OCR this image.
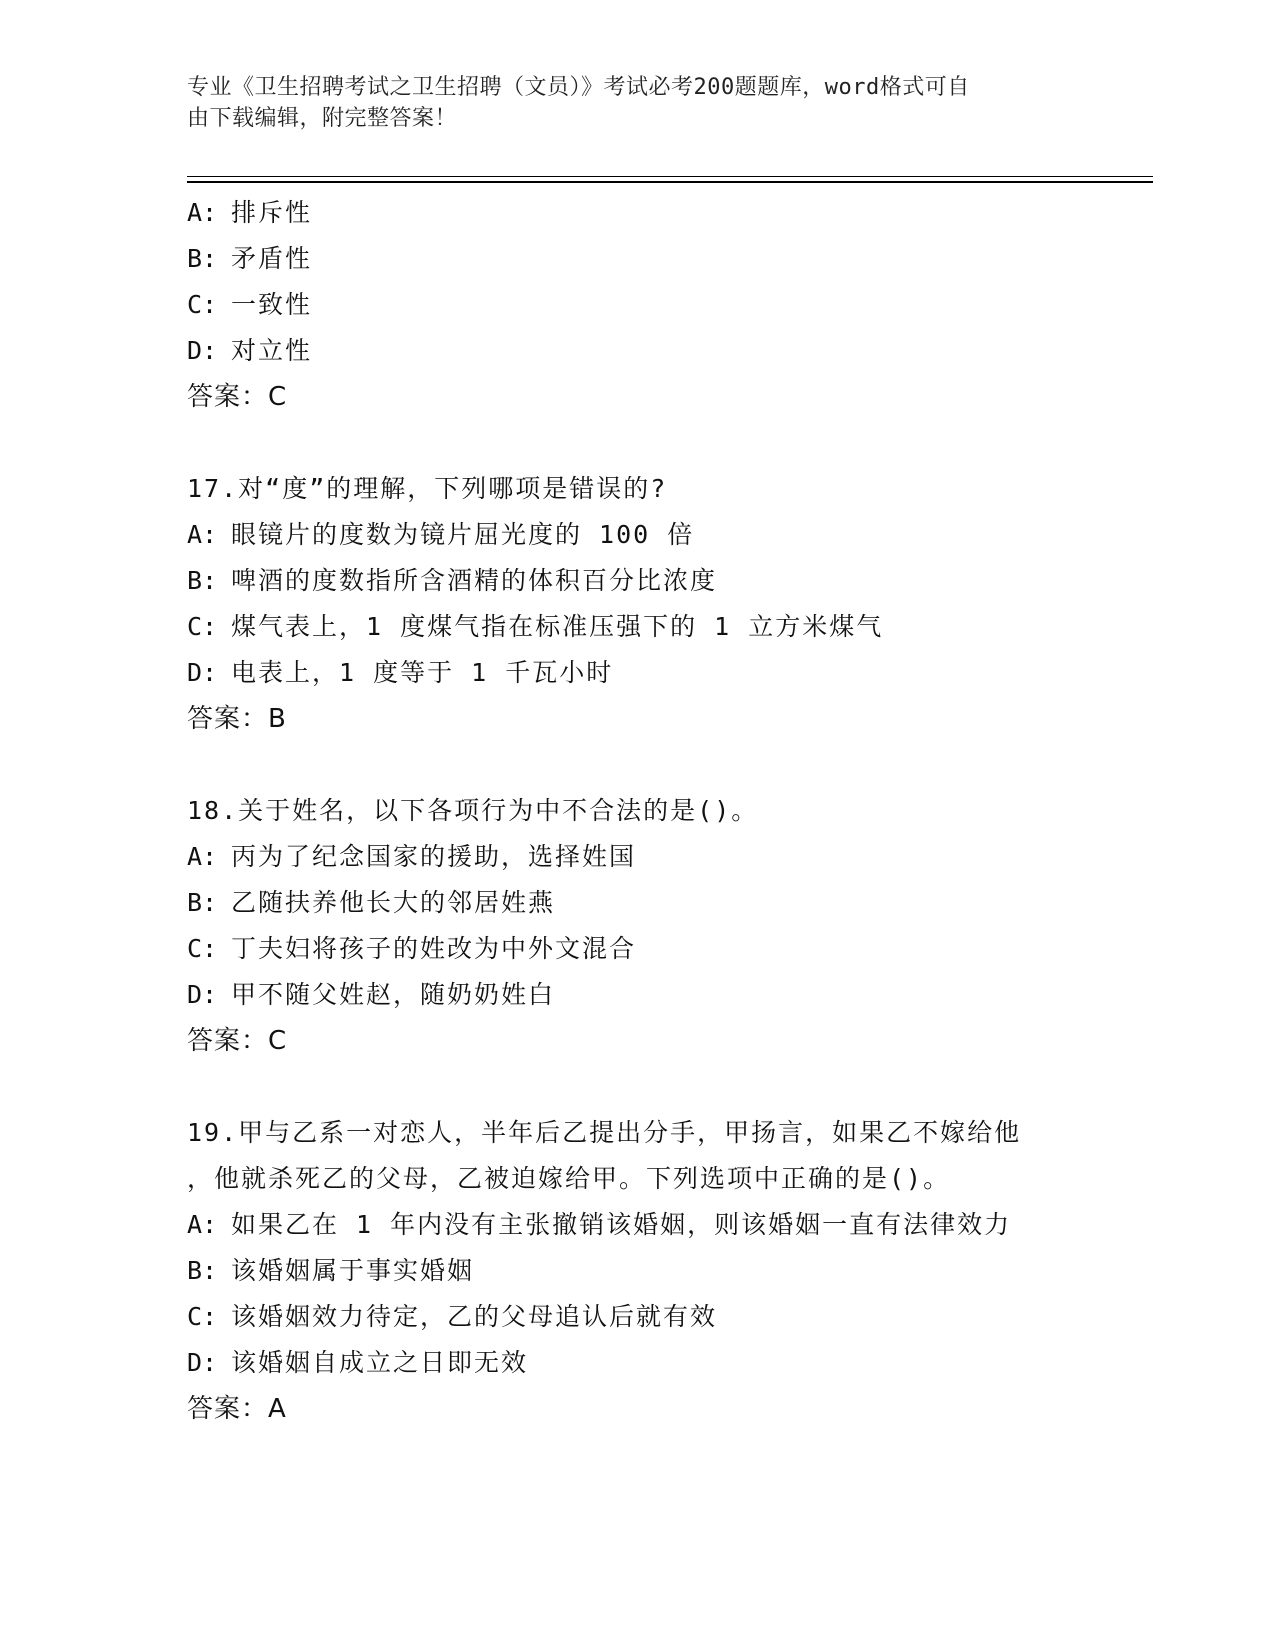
专业《卫生招聘考试之卫生招聘（文员）》考试必考200题题库，word格式可自
由下载编辑，附完整答案！
A: 排斥性
B: 矛盾性
C: 一致性
D: 对立性
答案：C
17.对“度”的理解，下列哪项是错误的?
A: 眼镜片的度数为镜片屈光度的 100 倍
B: 啤酒的度数指所含酒精的体积百分比浓度
C: 煤气表上，1 度煤气指在标准压强下的 1 立方米煤气
D: 电表上，1 度等于 1 千瓦小时
答案：B
18.关于姓名，以下各项行为中不合法的是()。
A: 丙为了纪念国家的援助，选择姓国
B: 乙随扶养他长大的邻居姓燕
C: 丁夫妇将孩子的姓改为中外文混合
D: 甲不随父姓赵，随奶奶姓白
答案：C
19.甲与乙系一对恋人，半年后乙提出分手，甲扬言，如果乙不嫁给他
，他就杀死乙的父母，乙被迫嫁给甲。下列选项中正确的是()。
A: 如果乙在 1 年内没有主张撤销该婚姻，则该婚姻一直有法律效力
B: 该婚姻属于事实婚姻
C: 该婚姻效力待定，乙的父母追认后就有效
D: 该婚姻自成立之日即无效
答案：A
